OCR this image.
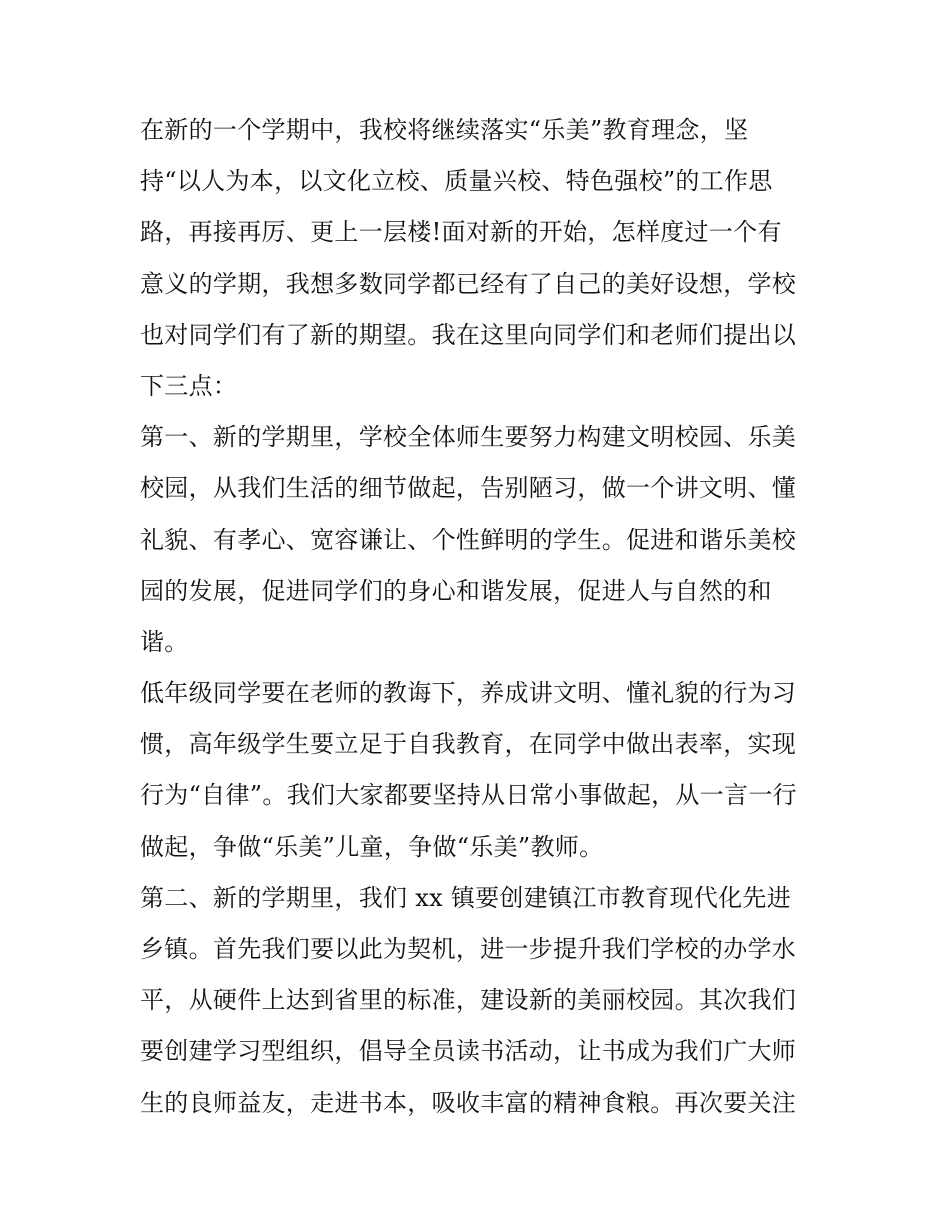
在新的一个学期中，我校将继续落实“乐美”教育理念，坚
持“以人为本，以文化立校、质量兴校、特色强校”的工作思
路，再接再厉、更上一层楼!面对新的开始，怎样度过一个有
意义的学期，我想多数同学都已经有了自己的美好设想，学校
也对同学们有了新的期望。我在这里向同学们和老师们提出以
下三点：
第一、新的学期里，学校全体师生要努力构建文明校园、乐美
校园，从我们生活的细节做起，告别陋习，做一个讲文明、懂
礼貌、有孝心、宽容谦让、个性鲜明的学生。促进和谐乐美校
园的发展，促进同学们的身心和谐发展，促进人与自然的和
谐。
低年级同学要在老师的教诲下，养成讲文明、懂礼貌的行为习
惯，高年级学生要立足于自我教育，在同学中做出表率，实现
行为“自律”。我们大家都要坚持从日常小事做起，从一言一行
做起，争做“乐美”儿童，争做“乐美”教师。
第二、新的学期里，我们 xx 镇要创建镇江市教育现代化先进
乡镇。首先我们要以此为契机，进一步提升我们学校的办学水
平，从硬件上达到省里的标准，建设新的美丽校园。其次我们
要创建学习型组织，倡导全员读书活动，让书成为我们广大师
生的良师益友，走进书本，吸收丰富的精神食粮。再次要关注
